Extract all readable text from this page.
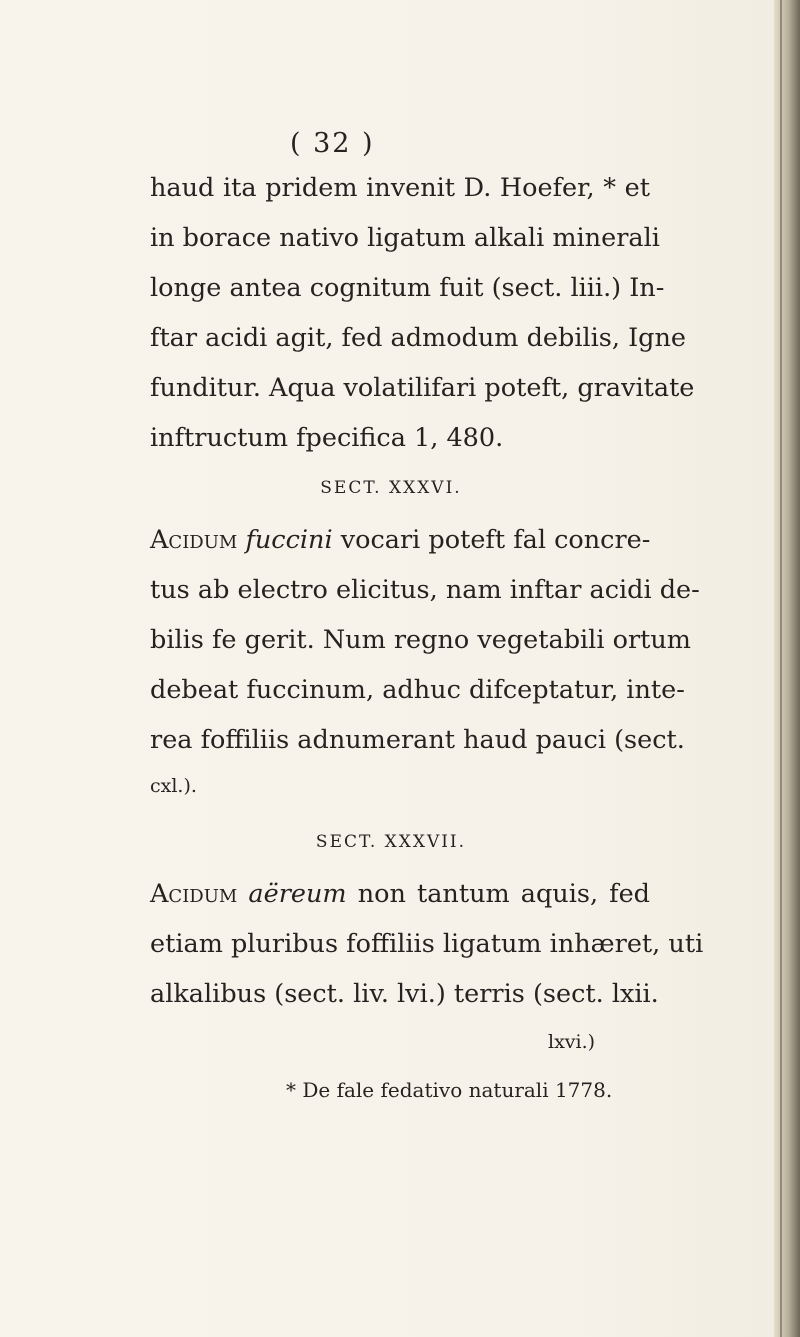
( 32 )
haud ita pridem invenit D. Hoefer, * et
in borace nativo ligatum alkali minerali
longe antea cognitum fuit (sect. liii.) In-
ftar acidi agit, fed admodum debilis, Igne
funditur. Aqua volatilifari poteft, gravitate
inftructum fpecifica 1, 480.
SECT. XXXVI.
Acidum fuccini vocari poteft fal concre-
tus ab electro elicitus, nam inftar acidi de-
bilis fe gerit. Num regno vegetabili ortum
debeat fuccinum, adhuc difceptatur, inte-
rea foffiliis adnumerant haud pauci (sect.
cxl.).
SECT. XXXVII.
Acidum aëreum non tantum aquis, fed
etiam pluribus foffiliis ligatum inhæret, uti
alkalibus (sect. liv. lvi.) terris (sect. lxii.
lxvi.)
* De fale fedativo naturali 1778.
